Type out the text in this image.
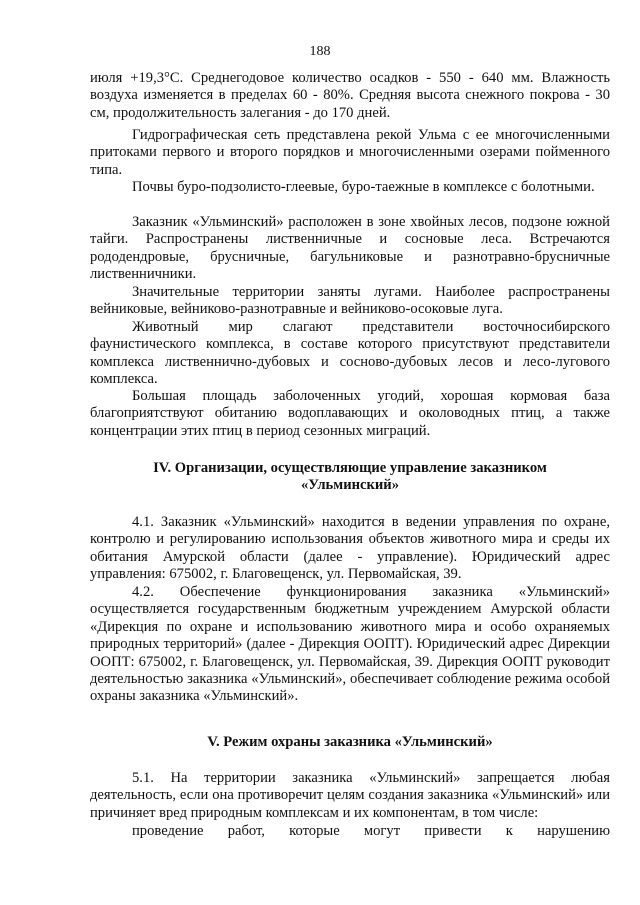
188

июля +19,3°C. Среднегодовое количество осадков - 550 - 640 мм. Влажность воздуха изменяется в пределах 60 - 80%. Средняя высота снежного покрова - 30 см, продолжительность залегания - до 170 дней.

Гидрографическая сеть представлена рекой Ульма с ее многочисленными притоками первого и второго порядков и многочисленными озерами пойменного типа.

Почвы буро-подзолисто-глеевые, буро-таежные в комплексе с болотными.

Заказник «Ульминский» расположен в зоне хвойных лесов, подзоне южной тайги. Распространены лиственничные и сосновые леса. Встречаются рододендровые, брусничные, багульниковые и разнотравно-брусничные лиственничники.

Значительные территории заняты лугами. Наиболее распространены вейниковые, вейниково-разнотравные и вейниково-осоковые луга.

Животный мир слагают представители восточносибирского фаунистического комплекса, в составе которого присутствуют представители комплекса лиственнично-дубовых и сосново-дубовых лесов и лесо-лугового комплекса.

Большая площадь заболоченных угодий, хорошая кормовая база благоприятствуют обитанию водоплавающих и околоводных птиц, а также концентрации этих птиц в период сезонных миграций.

IV. Организации, осуществляющие управление заказником «Ульминский»

4.1. Заказник «Ульминский» находится в ведении управления по охране, контролю и регулированию использования объектов животного мира и среды их обитания Амурской области (далее - управление). Юридический адрес управления: 675002, г. Благовещенск, ул. Первомайская, 39.

4.2. Обеспечение функционирования заказника «Ульминский» осуществляется государственным бюджетным учреждением Амурской области «Дирекция по охране и использованию животного мира и особо охраняемых природных территорий» (далее - Дирекция ООПТ). Юридический адрес Дирекции ООПТ: 675002, г. Благовещенск, ул. Первомайская, 39. Дирекция ООПТ руководит деятельностью заказника «Ульминский», обеспечивает соблюдение режима особой охраны заказника «Ульминский».

V. Режим охраны заказника «Ульминский»

5.1. На территории заказника «Ульминский» запрещается любая деятельность, если она противоречит целям создания заказника «Ульминский» или причиняет вред природным комплексам и их компонентам, в том числе:

проведение работ, которые могут привести к нарушению
